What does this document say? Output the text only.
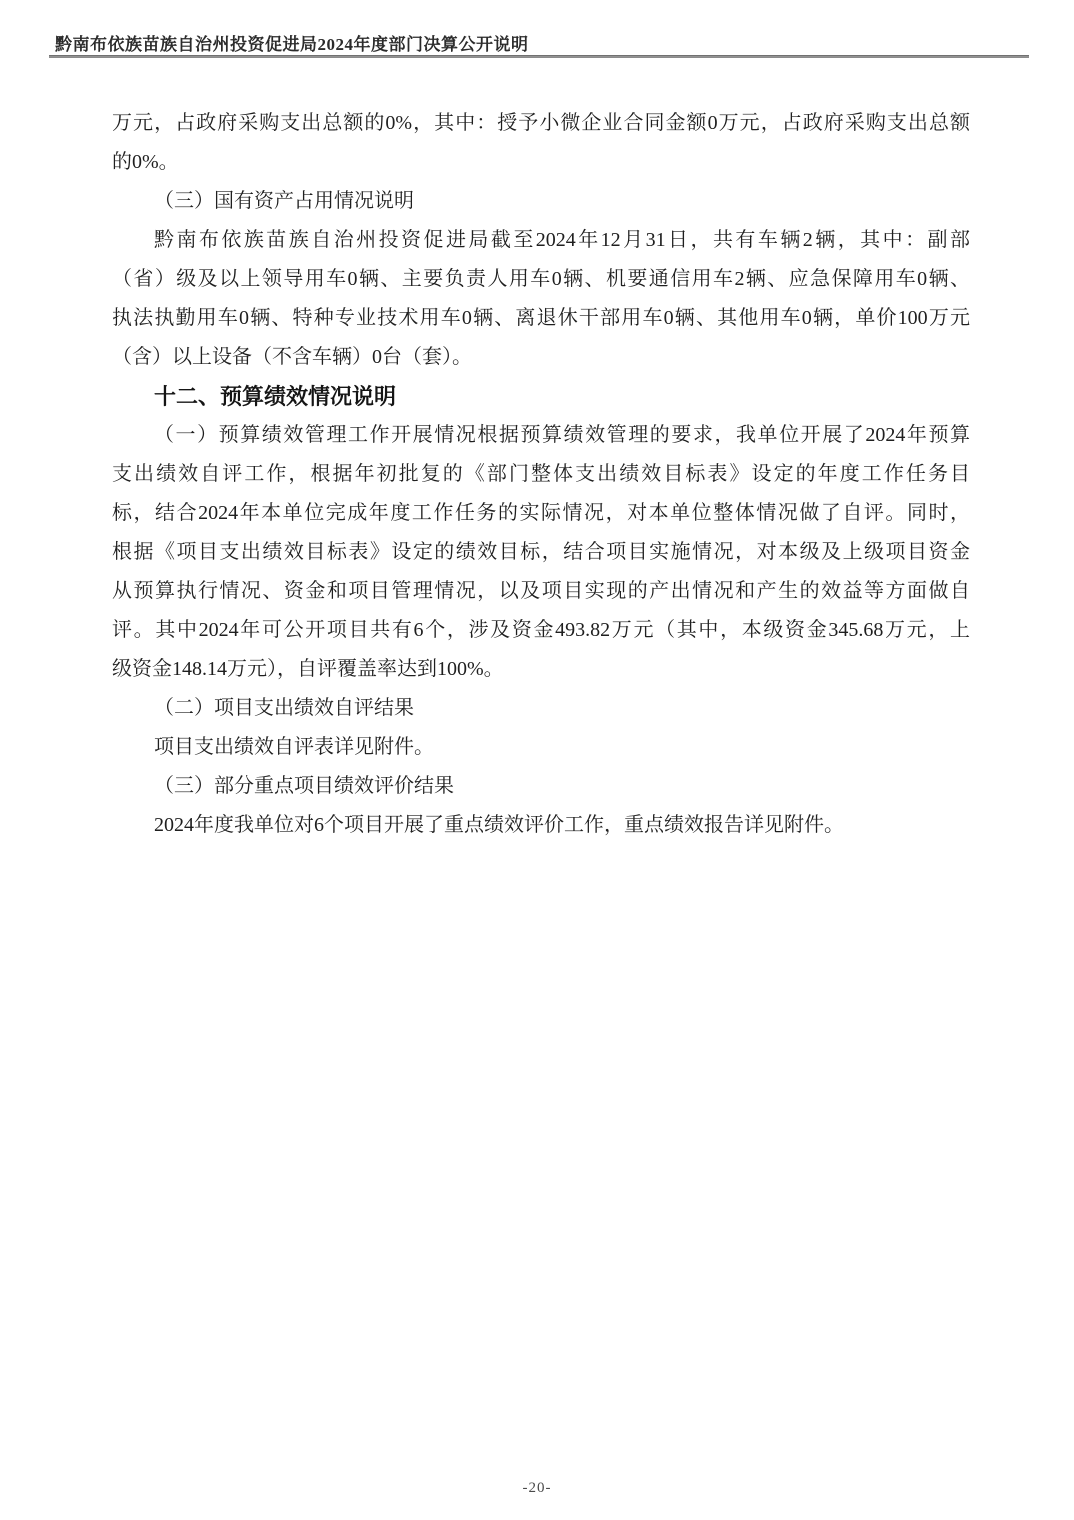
黔南布依族苗族自治州投资促进局2024年度部门决算公开说明
万元，占政府采购支出总额的0%，其中：授予小微企业合同金额0万元，占政府采购支出总额
的0%。
（三）国有资产占用情况说明
黔南布依族苗族自治州投资促进局截至2024年12月31日，共有车辆2辆，其中：副部
（省）级及以上领导用车0辆、主要负责人用车0辆、机要通信用车2辆、应急保障用车0辆、
执法执勤用车0辆、特种专业技术用车0辆、离退休干部用车0辆、其他用车0辆，单价100万元
（含）以上设备（不含车辆）0台（套）。
十二、预算绩效情况说明
（一）预算绩效管理工作开展情况根据预算绩效管理的要求，我单位开展了2024年预算
支出绩效自评工作，根据年初批复的《部门整体支出绩效目标表》设定的年度工作任务目
标，结合2024年本单位完成年度工作任务的实际情况，对本单位整体情况做了自评。同时，
根据《项目支出绩效目标表》设定的绩效目标，结合项目实施情况，对本级及上级项目资金
从预算执行情况、资金和项目管理情况，以及项目实现的产出情况和产生的效益等方面做自
评。其中2024年可公开项目共有6个，涉及资金493.82万元（其中，本级资金345.68万元，上
级资金148.14万元），自评覆盖率达到100%。
（二）项目支出绩效自评结果
项目支出绩效自评表详见附件。
（三）部分重点项目绩效评价结果
2024年度我单位对6个项目开展了重点绩效评价工作，重点绩效报告详见附件。
-20-
